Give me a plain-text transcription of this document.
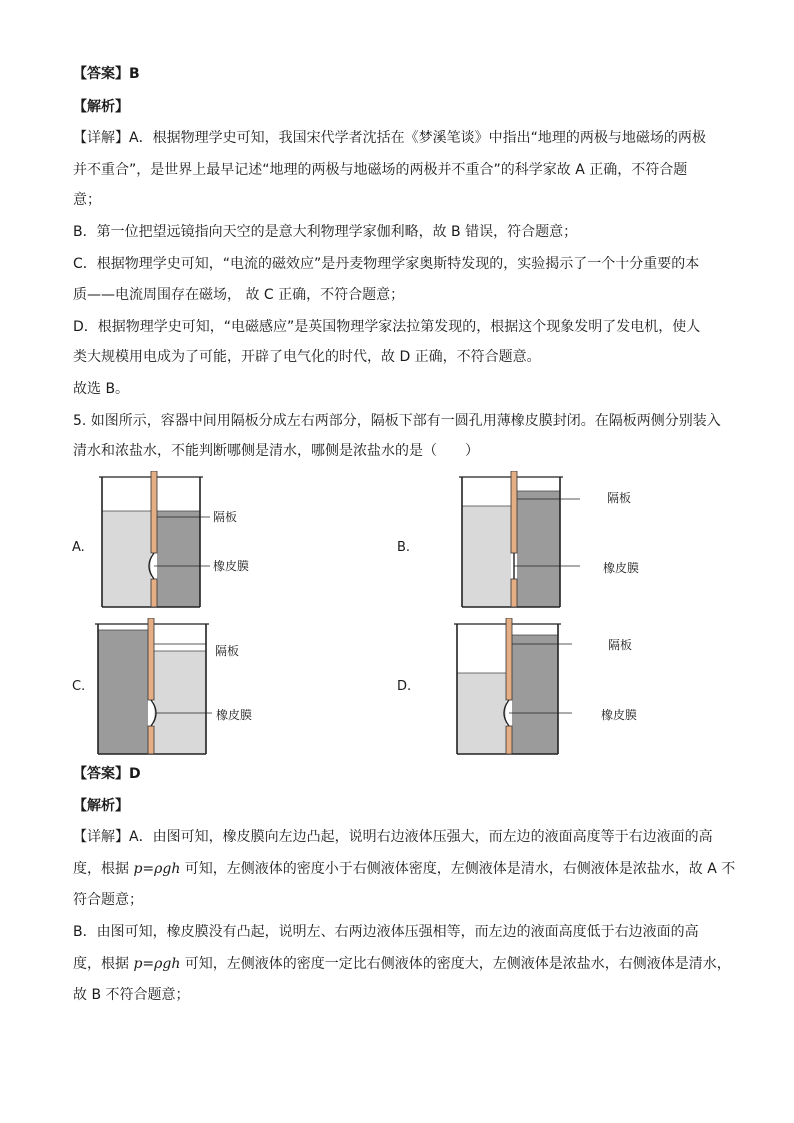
【答案】B
【解析】
【详解】A．根据物理学史可知，我国宋代学者沈括在《梦溪笔谈》中指出“地理的两极与地磁场的两极
并不重合”，是世界上最早记述“地理的两极与地磁场的两极并不重合”的科学家故 A 正确，不符合题
意；
B．第一位把望远镜指向天空的是意大利物理学家伽利略，故 B 错误，符合题意；
C．根据物理学史可知，“电流的磁效应”是丹麦物理学家奥斯特发现的，实验揭示了一个十分重要的本
质——电流周围存在磁场， 故 C 正确，不符合题意；
D．根据物理学史可知，“电磁感应”是英国物理学家法拉第发现的，根据这个现象发明了发电机，使人
类大规模用电成为了可能，开辟了电气化的时代，故 D 正确，不符合题意。
故选 B。
5. 如图所示，容器中间用隔板分成左右两部分，隔板下部有一圆孔用薄橡皮膜封闭。在隔板两侧分别装入
清水和浓盐水，不能判断哪侧是清水，哪侧是浓盐水的是（　　）
A.
隔板
橡皮膜
B.
隔板
橡皮膜
C.
隔板
橡皮膜
D.
隔板
橡皮膜
【答案】D
【解析】
【详解】A．由图可知，橡皮膜向左边凸起，说明右边液体压强大，而左边的液面高度等于右边液面的高
度，根据 p=ρgh 可知，左侧液体的密度小于右侧液体密度，左侧液体是清水，右侧液体是浓盐水，故 A 不
符合题意；
B．由图可知，橡皮膜没有凸起，说明左、右两边液体压强相等，而左边的液面高度低于右边液面的高
度，根据 p=ρgh 可知，左侧液体的密度一定比右侧液体的密度大，左侧液体是浓盐水，右侧液体是清水，
故 B 不符合题意；
